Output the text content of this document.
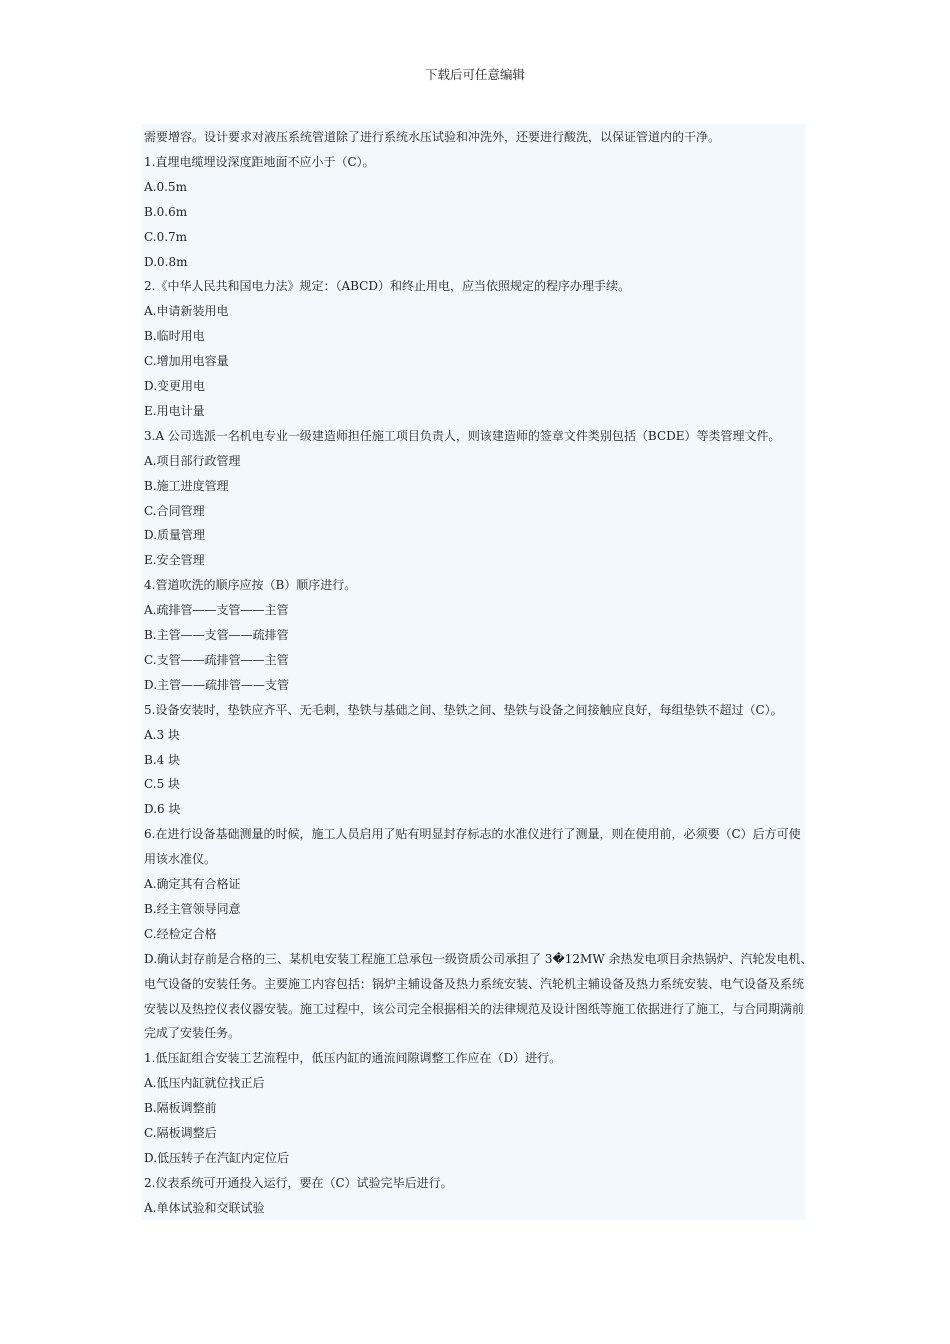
下载后可任意编辑
需要增容。设计要求对液压系统管道除了进行系统水压试验和冲洗外，还要进行酸洗，以保证管道内的干净。
1.直埋电缆埋设深度距地面不应小于（C）。
A.0.5m
B.0.6m
C.0.7m
D.0.8m
2.《中华人民共和国电力法》规定：（ABCD）和终止用电，应当依照规定的程序办理手续。
A.申请新装用电
B.临时用电
C.增加用电容量
D.变更用电
E.用电计量
3.A 公司选派一名机电专业一级建造师担任施工项目负责人，则该建造师的签章文件类别包括（BCDE）等类管理文件。
A.项目部行政管理
B.施工进度管理
C.合同管理
D.质量管理
E.安全管理
4.管道吹洗的顺序应按（B）顺序进行。
A.疏排管——支管——主管
B.主管——支管——疏排管
C.支管——疏排管——主管
D.主管——疏排管——支管
5.设备安装时，垫铁应齐平、无毛刺，垫铁与基础之间、垫铁之间、垫铁与设备之间接触应良好，每组垫铁不超过（C）。
A.3 块
B.4 块
C.5 块
D.6 块
6.在进行设备基础测量的时候，施工人员启用了贴有明显封存标志的水准仪进行了测量，则在使用前，必须要（C）后方可使
用该水准仪。
A.确定其有合格证
B.经主管领导同意
C.经检定合格
D.确认封存前是合格的三、某机电安装工程施工总承包一级资质公司承担了 3�12MW 余热发电项目余热锅炉、汽轮发电机、
电气设备的安装任务。主要施工内容包括：锅炉主辅设备及热力系统安装、汽轮机主辅设备及热力系统安装、电气设备及系统
安装以及热控仪表仪器安装。施工过程中，该公司完全根据相关的法律规范及设计图纸等施工依据进行了施工，与合同期满前
完成了安装任务。
1.低压缸组合安装工艺流程中，低压内缸的通流间隙调整工作应在（D）进行。
A.低压内缸就位找正后
B.隔板调整前
C.隔板调整后
D.低压转子在汽缸内定位后
2.仪表系统可开通投入运行，要在（C）试验完毕后进行。
A.单体试验和交联试验
